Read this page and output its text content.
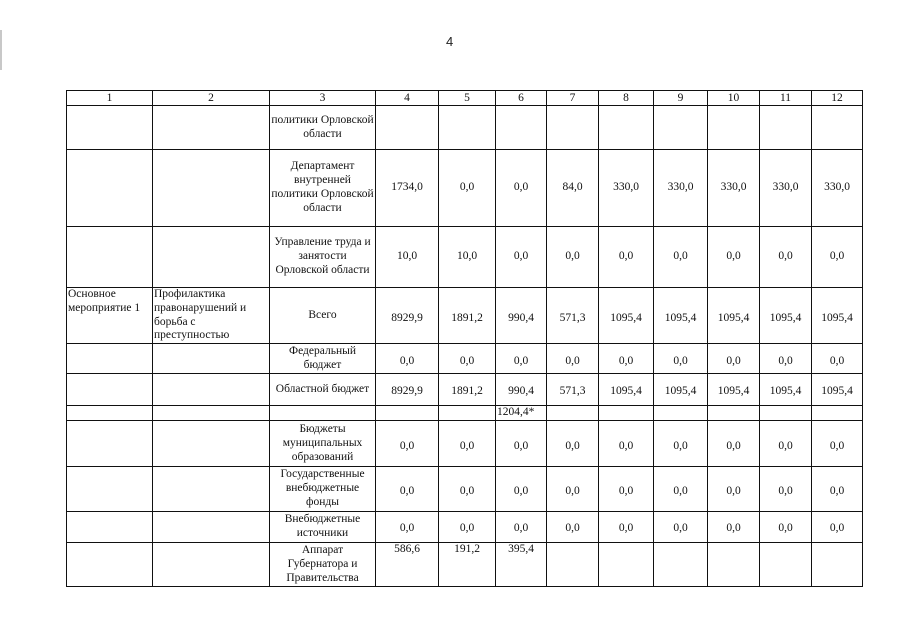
4
1	2	3	4	5	6	7	8	9	10	11	12
		политики Орловской области									
		Департамент внутренней политики Орловской области	1734,0	0,0	0,0	84,0	330,0	330,0	330,0	330,0	330,0
		Управление труда и занятости Орловской области	10,0	10,0	0,0	0,0	0,0	0,0	0,0	0,0	0,0
Основное мероприятие 1	Профилактика правонарушений и борьба с преступностью	Всего	8929,9	1891,2	990,4	571,3	1095,4	1095,4	1095,4	1095,4	1095,4
		Федеральный бюджет	0,0	0,0	0,0	0,0	0,0	0,0	0,0	0,0	0,0
		Областной бюджет	8929,9	1891,2	990,4	571,3	1095,4	1095,4	1095,4	1095,4	1095,4
					1204,4*						
		Бюджеты муниципальных образований	0,0	0,0	0,0	0,0	0,0	0,0	0,0	0,0	0,0
		Государственные внебюджетные фонды	0,0	0,0	0,0	0,0	0,0	0,0	0,0	0,0	0,0
		Внебюджетные источники	0,0	0,0	0,0	0,0	0,0	0,0	0,0	0,0	0,0
		Аппарат Губернатора и Правительства	586,6	191,2	395,4						
